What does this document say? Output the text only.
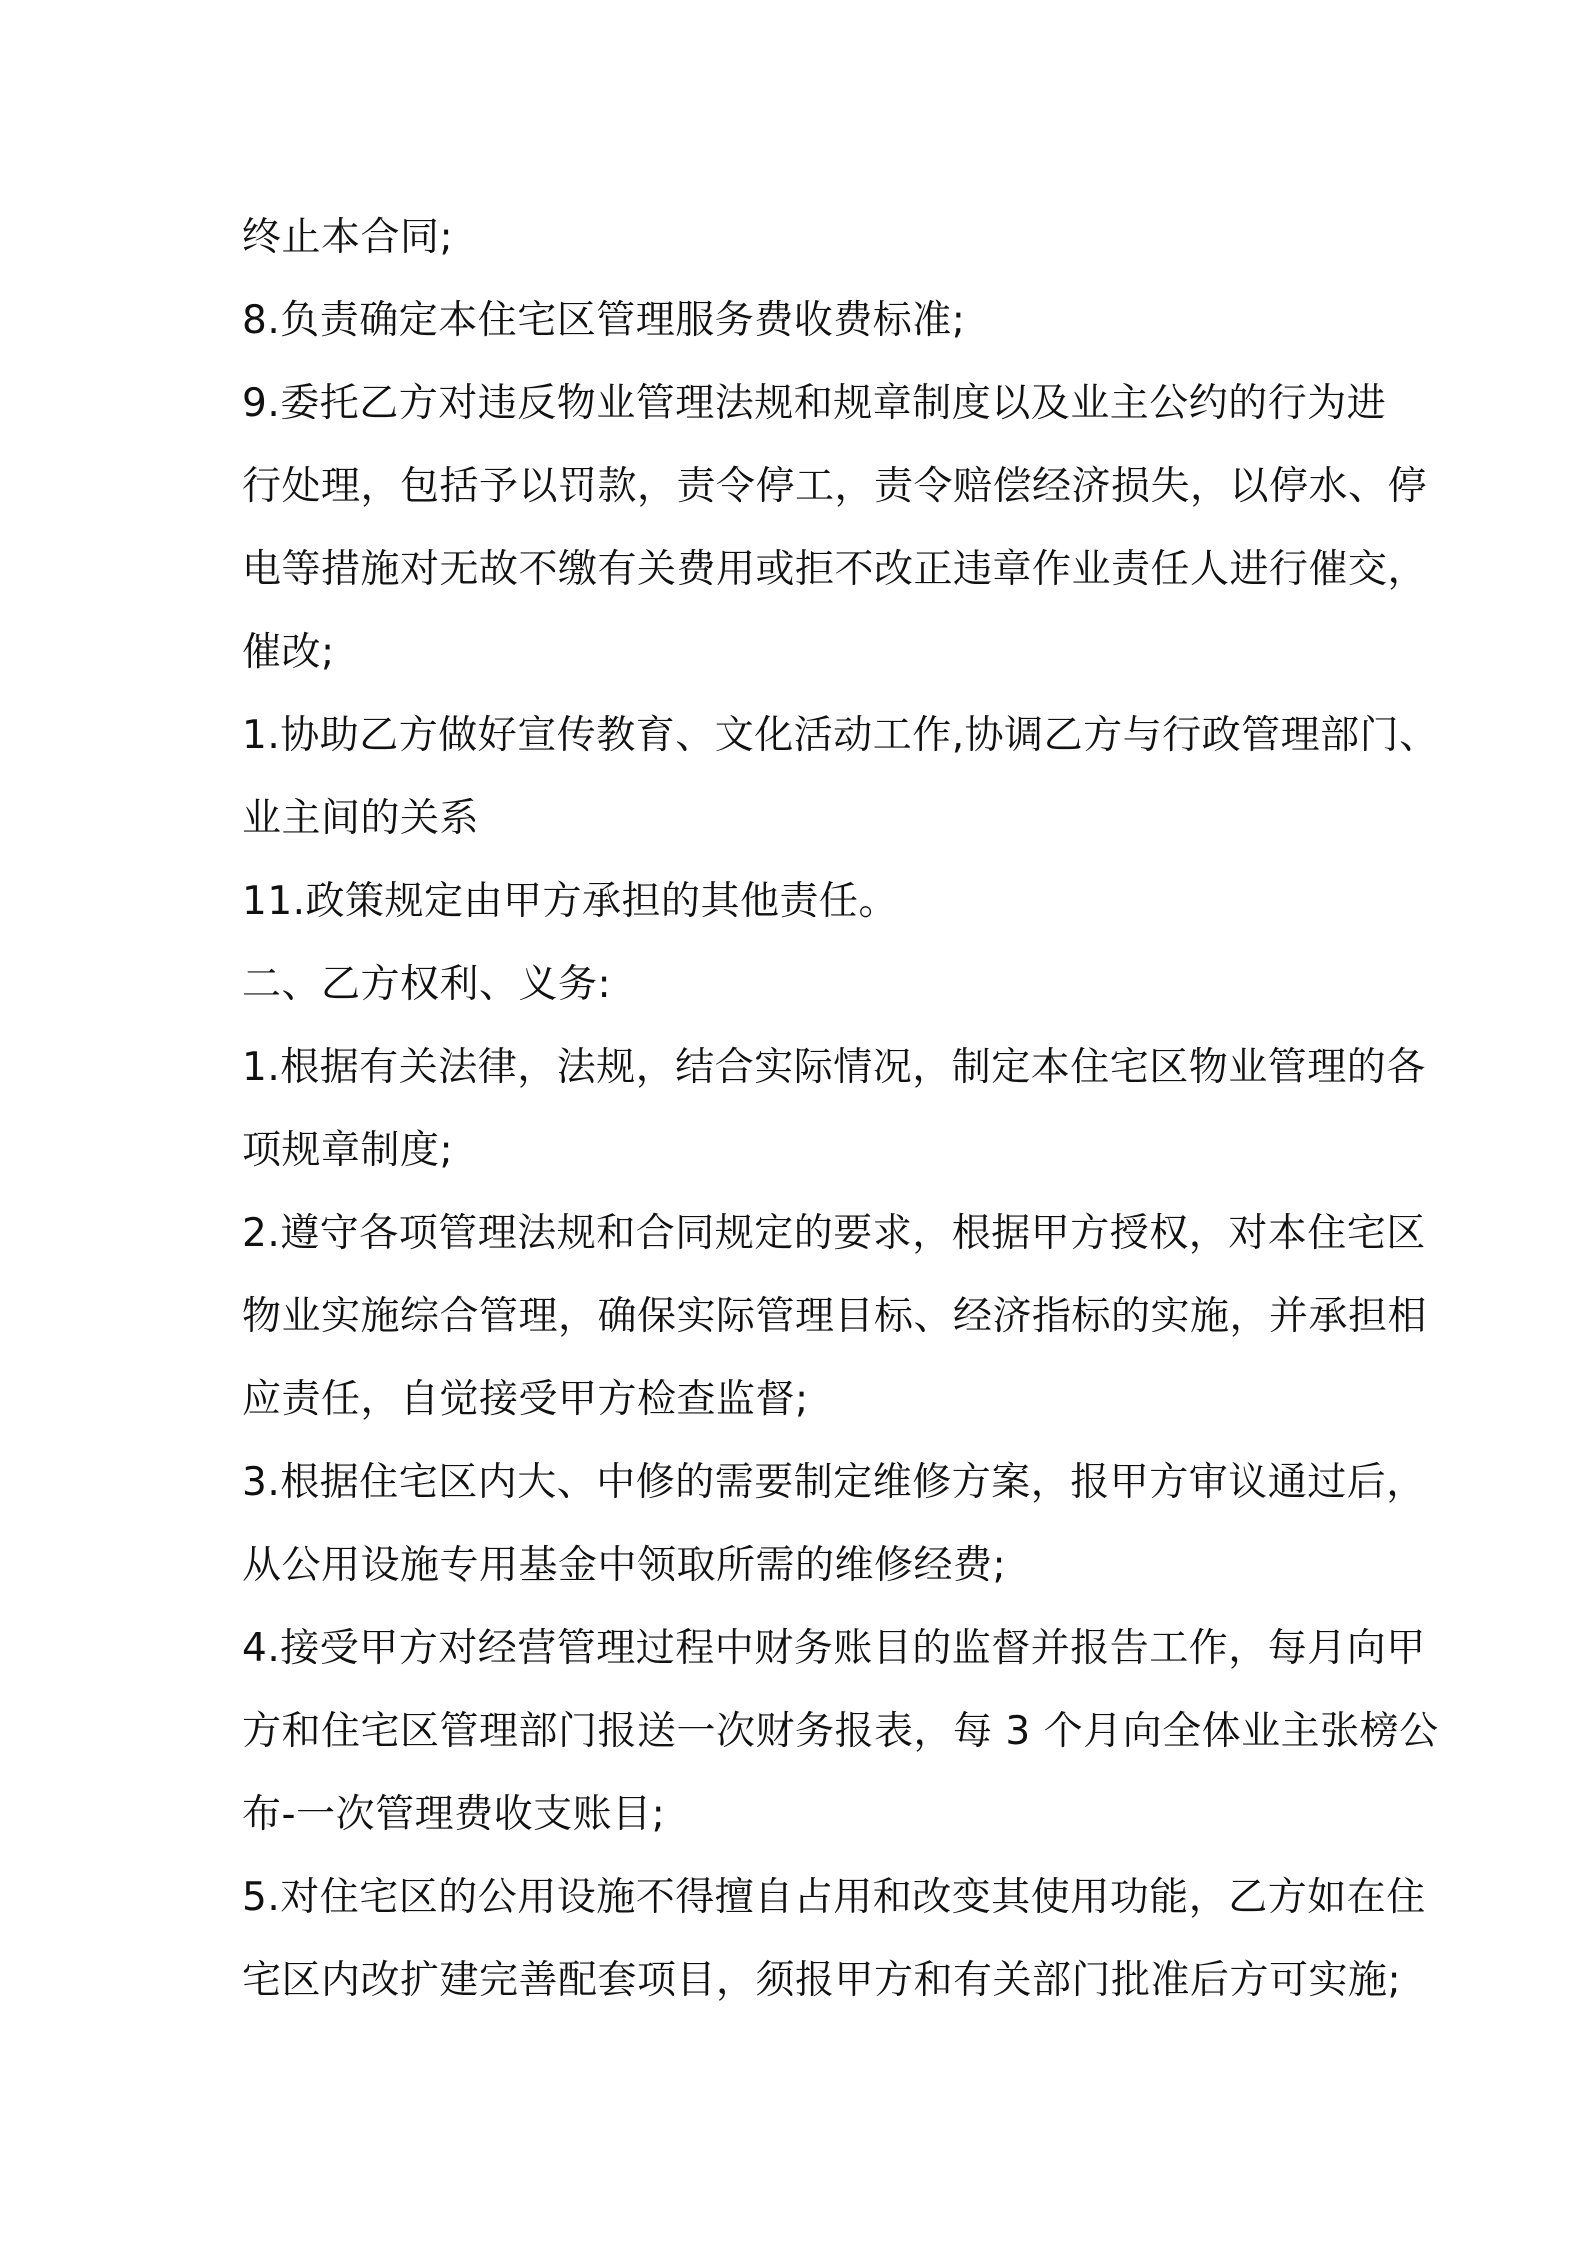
终止本合同;
8.负责确定本住宅区管理服务费收费标准;
9.委托乙方对违反物业管理法规和规章制度以及业主公约的行为进
行处理，包括予以罚款，责令停工，责令赔偿经济损失，以停水、停
电等措施对无故不缴有关费用或拒不改正违章作业责任人进行催交，
催改;
1.协助乙方做好宣传教育、文化活动工作,协调乙方与行政管理部门、
业主间的关系
11.政策规定由甲方承担的其他责任。
二、乙方权利、义务:
1.根据有关法律，法规，结合实际情况，制定本住宅区物业管理的各
项规章制度;
2.遵守各项管理法规和合同规定的要求，根据甲方授权，对本住宅区
物业实施综合管理，确保实际管理目标、经济指标的实施，并承担相
应责任，自觉接受甲方检查监督;
3.根据住宅区内大、中修的需要制定维修方案，报甲方审议通过后，
从公用设施专用基金中领取所需的维修经费;
4.接受甲方对经营管理过程中财务账目的监督并报告工作，每月向甲
方和住宅区管理部门报送一次财务报表，每 3 个月向全体业主张榜公
布-一次管理费收支账目;
5.对住宅区的公用设施不得擅自占用和改变其使用功能，乙方如在住
宅区内改扩建完善配套项目，须报甲方和有关部门批准后方可实施;
